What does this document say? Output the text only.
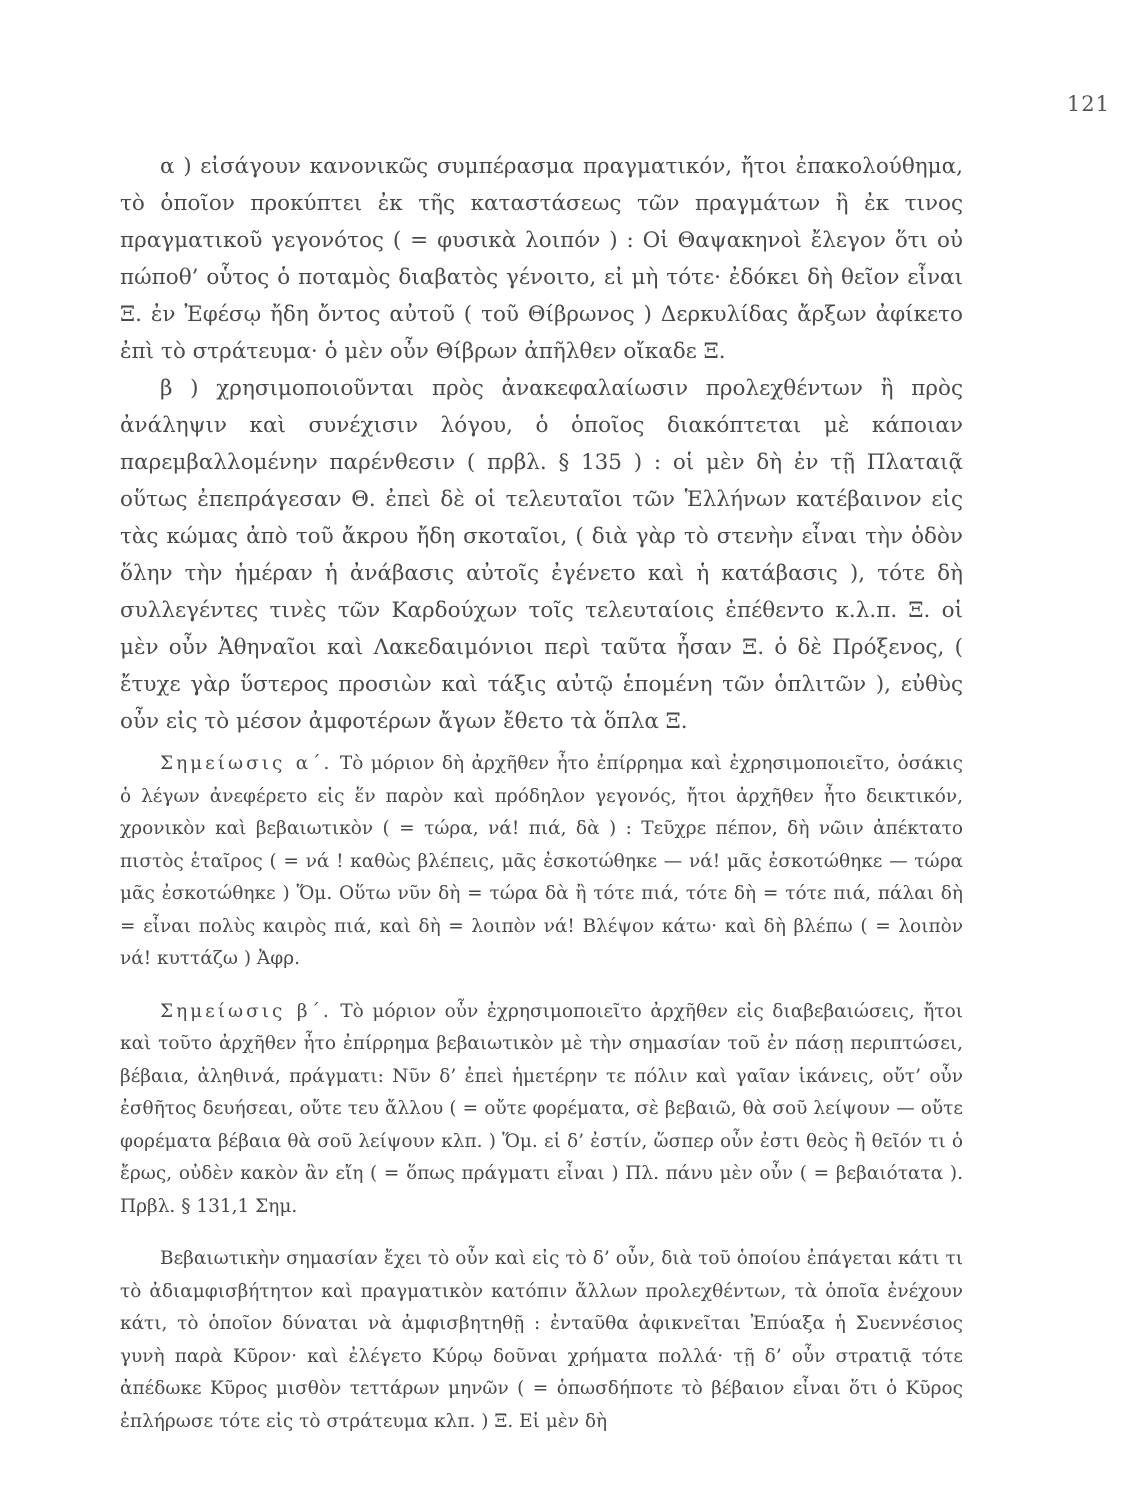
121

α ) εἰσάγουν κανονικῶς συμπέρασμα πραγματικόν, ἤτοι ἐπακολούθημα, τὸ ὁποῖον προκύπτει ἐκ τῆς καταστάσεως τῶν πραγμάτων ἢ ἐκ τινος πραγματικοῦ γεγονότος ( = φυσικὰ λοιπόν ) : Οἱ Θαψακηνοὶ ἔλεγον ὅτι οὐ πώποθ’ οὗτος ὁ ποταμὸς διαβατὸς γένοιτο, εἰ μὴ τότε· ἐδόκει δὴ θεῖον εἶναι Ξ. ἐν Ἐφέσῳ ἤδη ὄντος αὐτοῦ ( τοῦ Θίβρωνος ) Δερκυλίδας ἄρξων ἀφίκετο ἐπὶ τὸ στράτευμα· ὁ μὲν οὖν Θίβρων ἀπῆλθεν οἴκαδε Ξ.

β ) χρησιμοποιοῦνται πρὸς ἀνακεφαλαίωσιν προλεχθέντων ἢ πρὸς ἀνάληψιν καὶ συνέχισιν λόγου, ὁ ὁποῖος διακόπτεται μὲ κάποιαν παρεμβαλλομένην παρένθεσιν ( πρβλ. § 135 ) : οἱ μὲν δὴ ἐν τῇ Πλαταιᾷ οὕτως ἐπεπράγεσαν Θ. ἐπεὶ δὲ οἱ τελευταῖοι τῶν Ἑλλήνων κατέβαινον εἰς τὰς κώμας ἀπὸ τοῦ ἄκρου ἤδη σκοταῖοι, ( διὰ γὰρ τὸ στενὴν εἶναι τὴν ὁδὸν ὅλην τὴν ἡμέραν ἡ ἀνάβασις αὐτοῖς ἐγένετο καὶ ἡ κατάβασις ), τότε δὴ συλλεγέντες τινὲς τῶν Καρδούχων τοῖς τελευταίοις ἐπέθεντο κ.λ.π. Ξ. οἱ μὲν οὖν Ἀθηναῖοι καὶ Λακεδαιμόνιοι περὶ ταῦτα ἦσαν Ξ. ὁ δὲ Πρόξενος, ( ἔτυχε γὰρ ὕστερος προσιὼν καὶ τάξις αὐτῷ ἑπομένη τῶν ὁπλιτῶν ), εὐθὺς οὖν εἰς τὸ μέσον ἀμφοτέρων ἄγων ἔθετο τὰ ὅπλα Ξ.

Σημείωσις α΄. Τὸ μόριον δὴ ἀρχῆθεν ἦτο ἐπίρρημα καὶ ἐχρησιμοποιεῖτο, ὁσάκις ὁ λέγων ἀνεφέρετο εἰς ἕν παρὸν καὶ πρόδηλον γεγονός, ἤτοι ἀρχῆθεν ἦτο δεικτικόν, χρονικὸν καὶ βεβαιωτικὸν ( = τώρα, νά! πιά, δὰ ) : Τεῦχρε πέπον, δὴ νῶιν ἀπέκτατο πιστὸς ἑταῖρος ( = νά ! καθὼς βλέπεις, μᾶς ἐσκοτώθηκε — νά! μᾶς ἐσκοτώθηκε — τώρα μᾶς ἐσκοτώθηκε ) Ὅμ. Οὕτω νῦν δὴ = τώρα δὰ ἢ τότε πιά, τότε δὴ = τότε πιά, πάλαι δὴ = εἶναι πολὺς καιρὸς πιά, καὶ δὴ = λοιπὸν νά! Βλέψον κάτω· καὶ δὴ βλέπω ( = λοιπὸν νά! κυττάζω ) Ἀφρ.

Σημείωσις β΄. Τὸ μόριον οὖν ἐχρησιμοποιεῖτο ἀρχῆθεν εἰς διαβεβαιώσεις, ἤτοι καὶ τοῦτο ἀρχῆθεν ἦτο ἐπίρρημα βεβαιωτικὸν μὲ τὴν σημασίαν τοῦ ἐν πάσῃ περιπτώσει, βέβαια, ἀληθινά, πράγματι: Νῦν δ’ ἐπεὶ ἡμετέρην τε πόλιν καὶ γαῖαν ἱκάνεις, οὔτ’ οὖν ἐσθῆτος δευήσεαι, οὔτε τευ ἄλλου ( = οὔτε φορέματα, σὲ βεβαιῶ, θὰ σοῦ λείψουν — οὔτε φορέματα βέβαια θὰ σοῦ λείψουν κλπ. ) Ὅμ. εἰ δ’ ἐστίν, ὥσπερ οὖν ἐστι θεὸς ἢ θεῖόν τι ὁ ἔρως, οὐδὲν κακὸν ἂν εἴη ( = ὅπως πράγματι εἶναι ) Πλ. πάνυ μὲν οὖν ( = βεβαιότατα ). Πρβλ. § 131,1 Σημ.

Βεβαιωτικὴν σημασίαν ἔχει τὸ οὖν καὶ εἰς τὸ δ’ οὖν, διὰ τοῦ ὁποίου ἐπάγεται κάτι τι τὸ ἀδιαμφισβήτητον καὶ πραγματικὸν κατόπιν ἄλλων προλεχθέντων, τὰ ὁποῖα ἐνέχουν κάτι, τὸ ὁποῖον δύναται νὰ ἀμφισβητηθῇ : ἐνταῦθα ἀφικνεῖται Ἐπύαξα ἡ Συεννέσιος γυνὴ παρὰ Κῦρον· καὶ ἐλέγετο Κύρῳ δοῦναι χρήματα πολλά· τῇ δ’ οὖν στρατιᾷ τότε ἀπέδωκε Κῦρος μισθὸν τεττάρων μηνῶν ( = ὁπωσδήποτε τὸ βέβαιον εἶναι ὅτι ὁ Κῦρος ἐπλήρωσε τότε εἰς τὸ στράτευμα κλπ. ) Ξ. Εἰ μὲν δὴ
